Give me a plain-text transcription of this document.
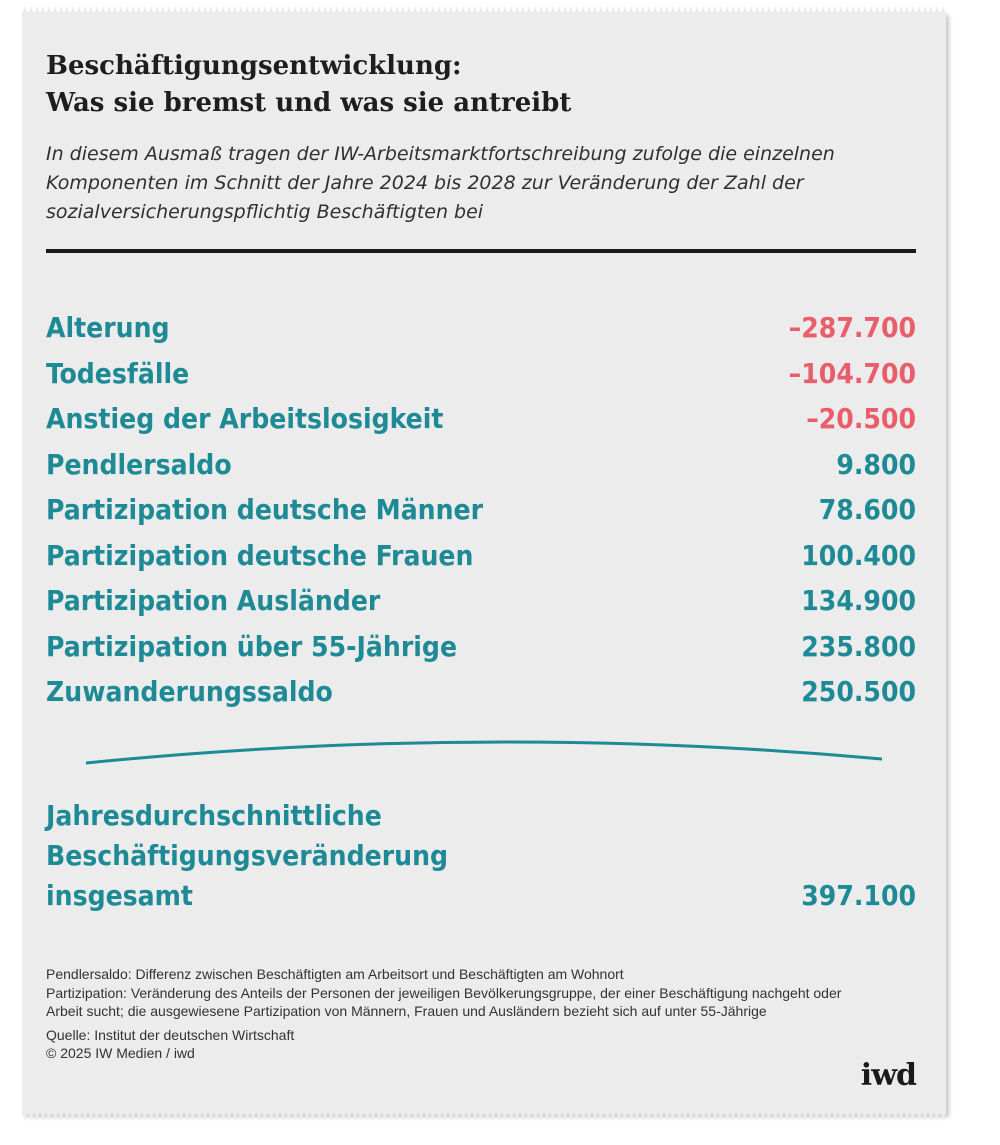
Beschäftigungsentwicklung:
Was sie bremst und was sie antreibt

In diesem Ausmaß tragen der IW-Arbeitsmarktfortschreibung zufolge die einzelnen Komponenten im Schnitt der Jahre 2024 bis 2028 zur Veränderung der Zahl der sozialversicherungspflichtig Beschäftigten bei

Alterung	–287.700
Todesfälle	–104.700
Anstieg der Arbeitslosigkeit	–20.500
Pendlersaldo	9.800
Partizipation deutsche Männer	78.600
Partizipation deutsche Frauen	100.400
Partizipation Ausländer	134.900
Partizipation über 55-Jährige	235.800
Zuwanderungssaldo	250.500
Jahresdurchschnittliche
Beschäftigungsveränderung
insgesamt	397.100

Pendlersaldo: Differenz zwischen Beschäftigten am Arbeitsort und Beschäftigten am Wohnort

Partizipation: Veränderung des Anteils der Personen der jeweiligen Bevölkerungsgruppe, der einer Beschäftigung nachgeht oder Arbeit sucht; die ausgewiesene Partizipation von Männern, Frauen und Ausländern bezieht sich auf unter 55-Jährige

Quelle: Institut der deutschen Wirtschaft

© 2025 IW Medien / iwd

iwd
